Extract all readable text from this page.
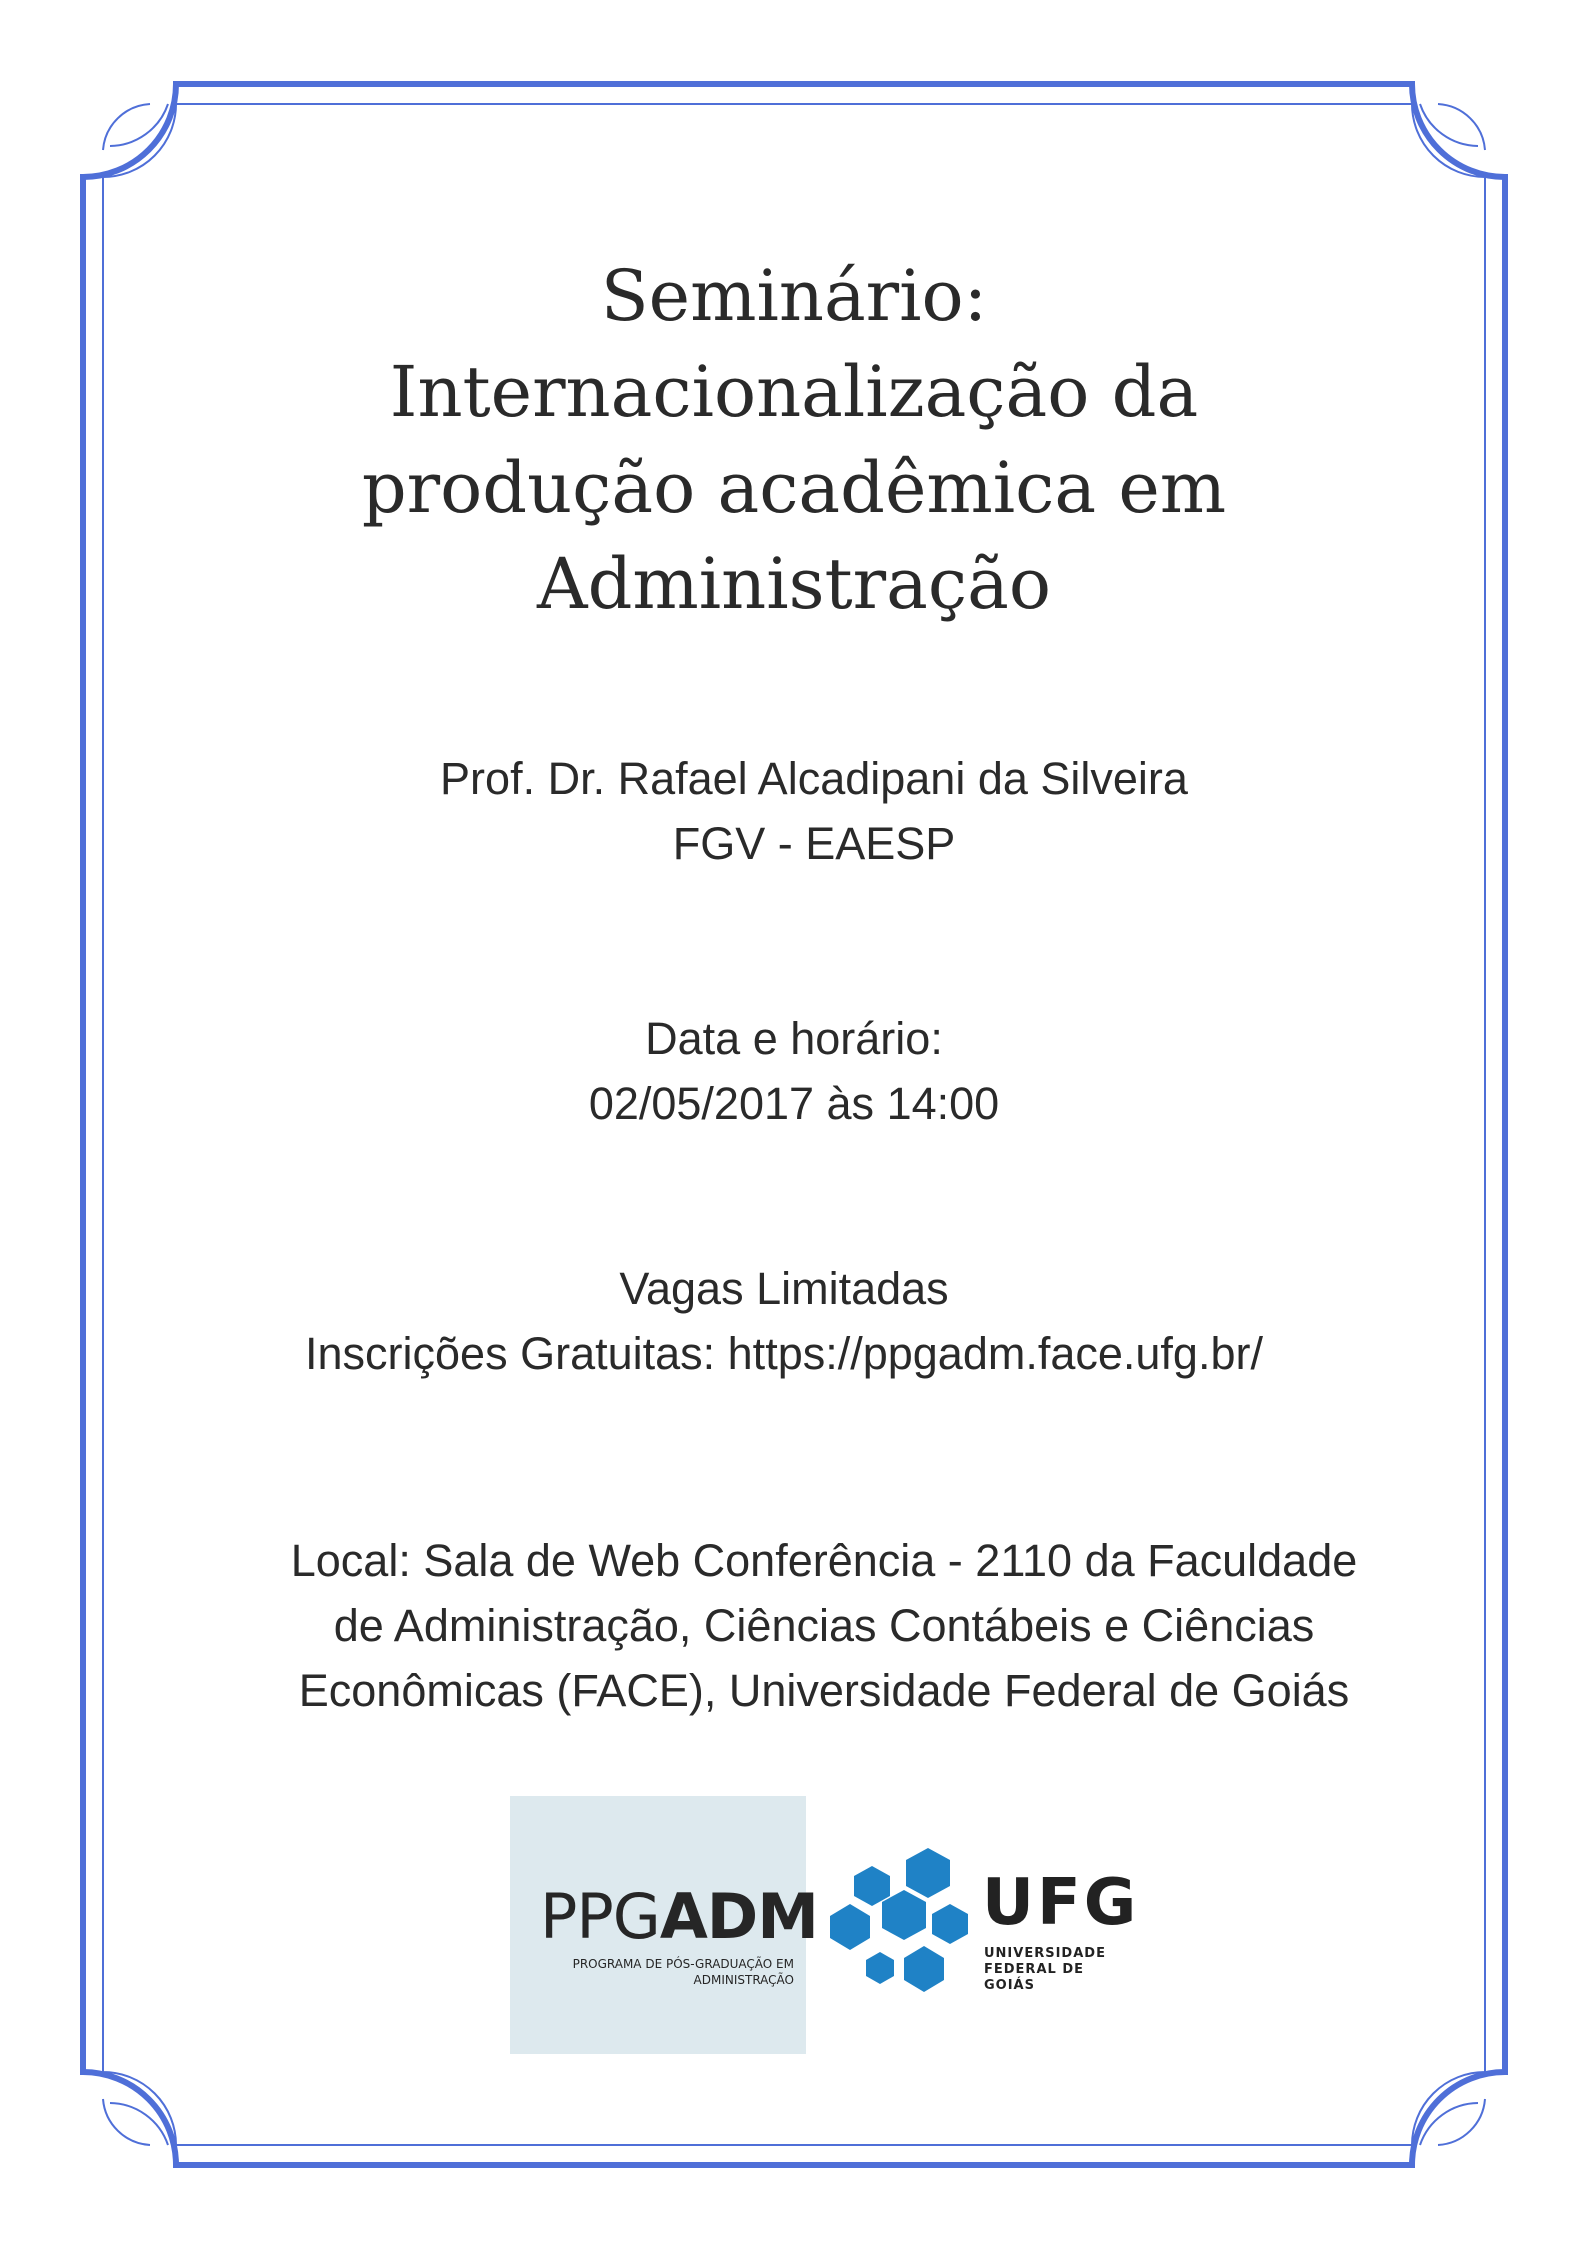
Seminário:
Internacionalização da
produção acadêmica em
Administração
Prof. Dr. Rafael Alcadipani da Silveira
FGV - EAESP
Data e horário:
02/05/2017 às 14:00
Vagas Limitadas
Inscrições Gratuitas: https://ppgadm.face.ufg.br/
Local: Sala de Web Conferência - 2110 da Faculdade
de Administração, Ciências Contábeis e Ciências
Econômicas (FACE), Universidade Federal de Goiás
PPGADM
PROGRAMA DE PÓS-GRADUAÇÃO EM
ADMINISTRAÇÃO
UFG
UNIVERSIDADE
FEDERAL DE GOIÁS
